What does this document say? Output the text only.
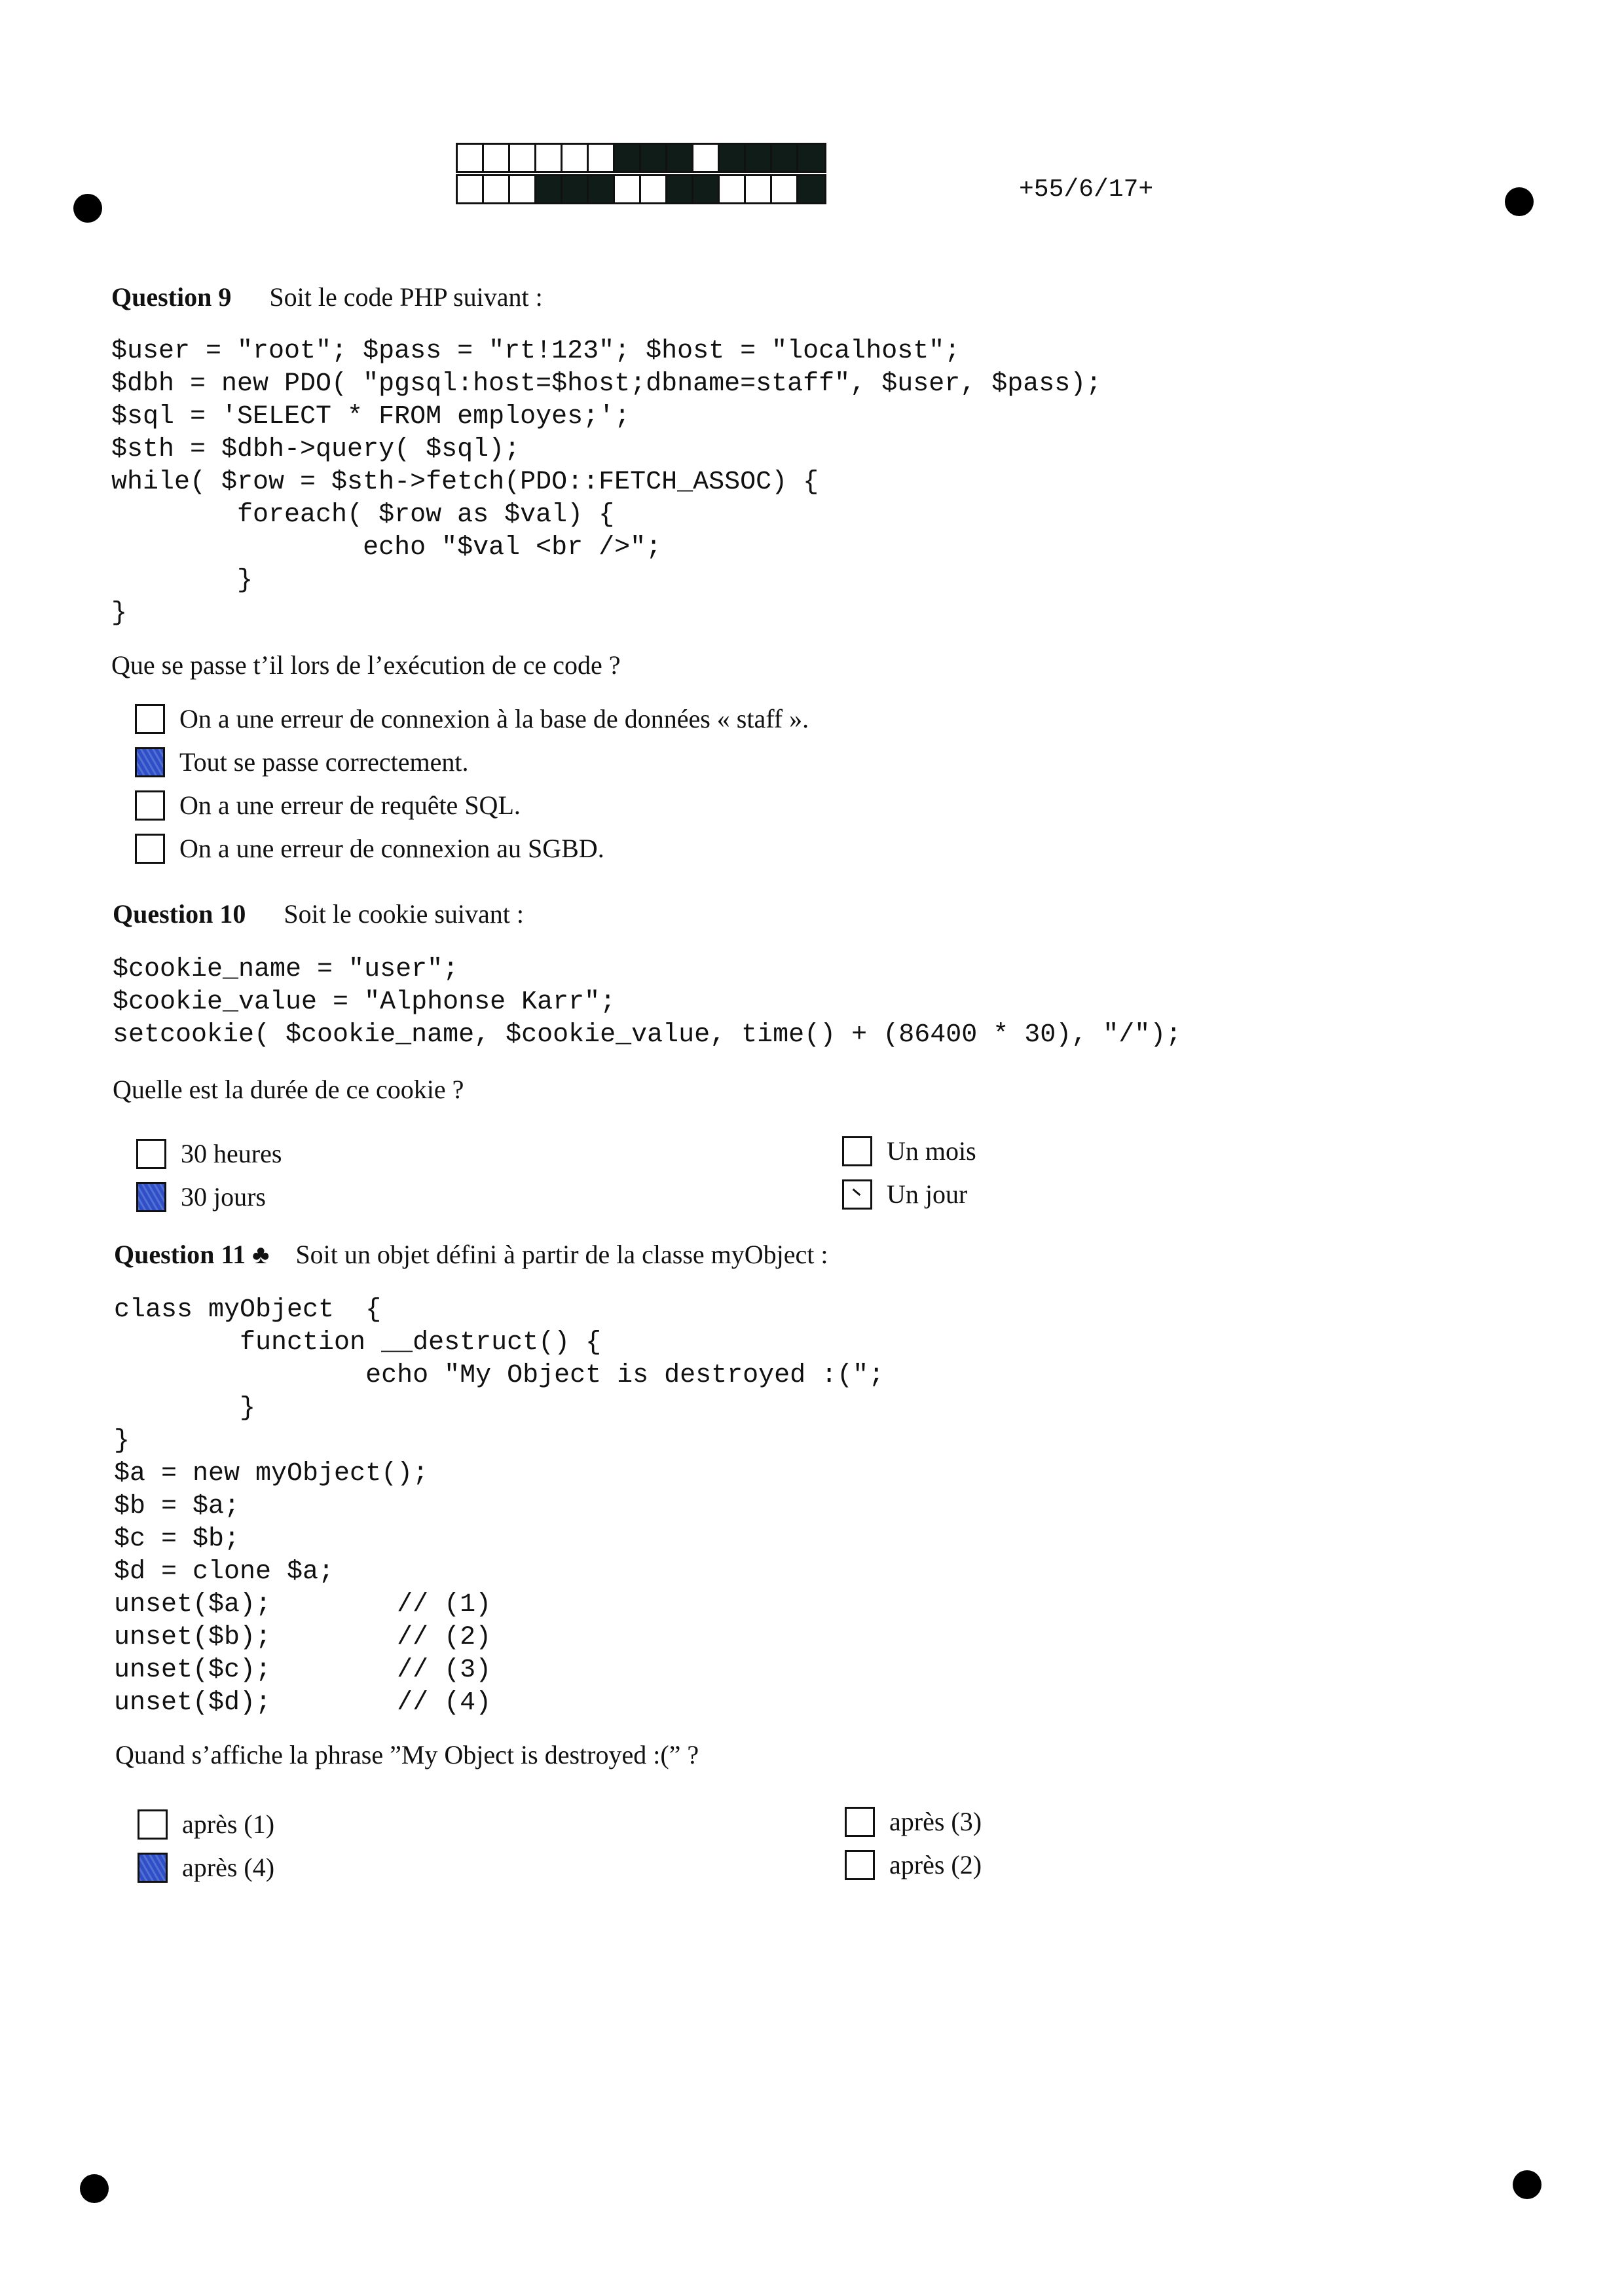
+55/6/17+
Question 9 Soit le code PHP suivant :
$user = "root"; $pass = "rt!123"; $host = "localhost";
$dbh = new PDO( "pgsql:host=$host;dbname=staff", $user, $pass);
$sql = 'SELECT * FROM employes;';
$sth = $dbh->query( $sql);
while( $row = $sth->fetch(PDO::FETCH_ASSOC) {
foreach( $row as $val) {
echo "$val <br />";
}
}
Que se passe t’il lors de l’exécution de ce code ?
On a une erreur de connexion à la base de données « staff ».
Tout se passe correctement.
On a une erreur de requête SQL.
On a une erreur de connexion au SGBD.
Question 10 Soit le cookie suivant :
$cookie_name = "user";
$cookie_value = "Alphonse Karr";
setcookie( $cookie_name, $cookie_value, time() + (86400 * 30), "/");
Quelle est la durée de ce cookie ?
30 heures
30 jours
Un mois
Un jour
Question 11 ♣ Soit un objet défini à partir de la classe myObject :
class myObject  {
function __destruct() {
echo "My Object is destroyed :(";
}
}
$a = new myObject();
$b = $a;
$c = $b;
$d = clone $a;
unset($a);        // (1)
unset($b);        // (2)
unset($c);        // (3)
unset($d);        // (4)
Quand s’affiche la phrase ”My Object is destroyed :(” ?
après (1)
après (4)
après (3)
après (2)
